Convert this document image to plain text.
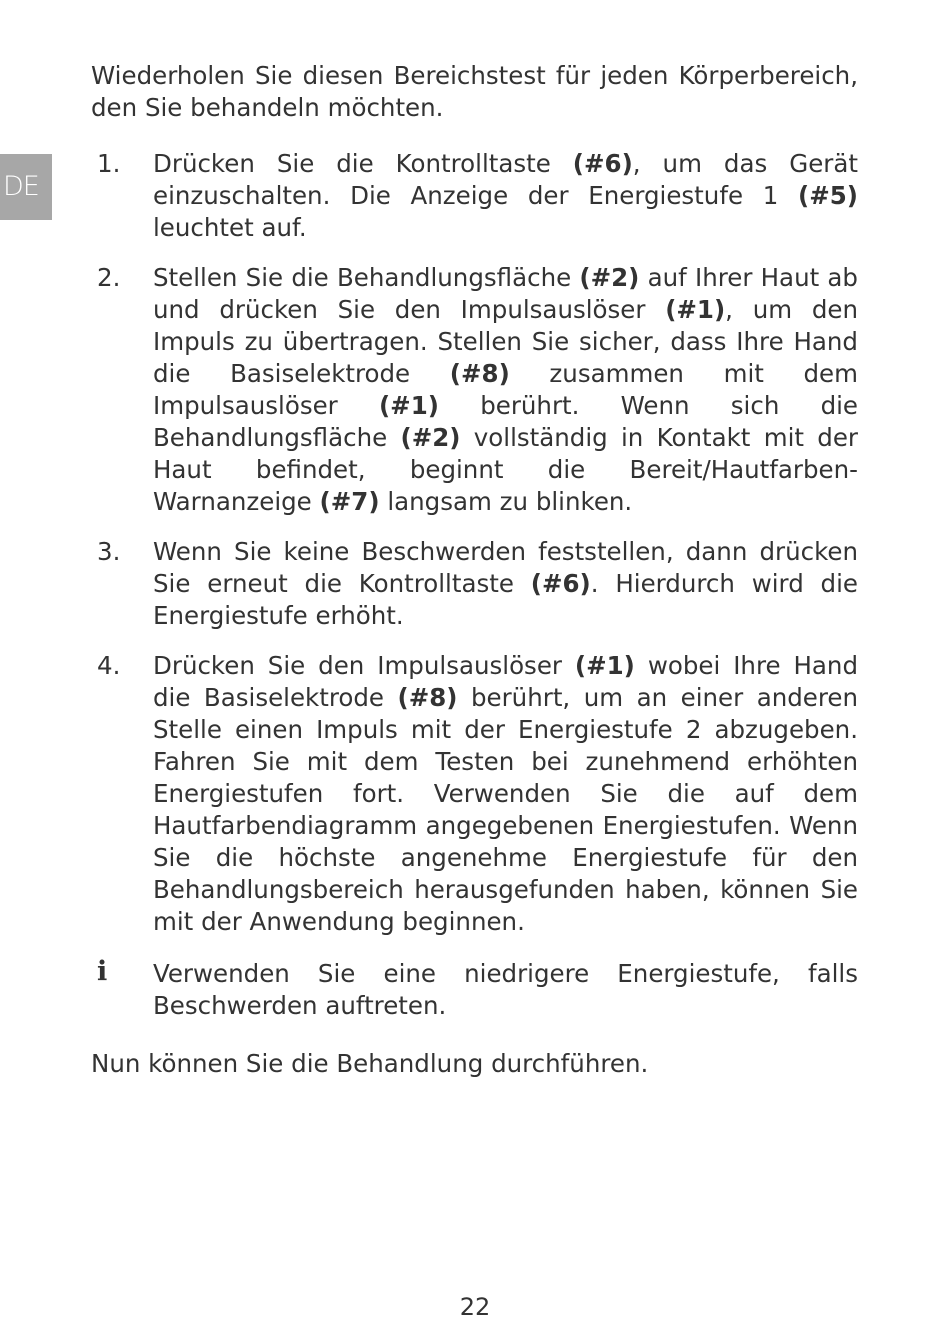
DE

Wiederholen Sie diesen Bereichstest für jeden Körperbereich, den Sie behandeln möchten.

1.	Drücken Sie die Kontrolltaste (#6), um das Gerät einzuschalten. Die Anzeige der Energiestufe 1 (#5) leuchtet auf.

2.	Stellen Sie die Behandlungsfläche (#2) auf Ihrer Haut ab und drücken Sie den Impulsauslöser (#1), um den Impuls zu übertragen. Stellen Sie sicher, dass Ihre Hand die Basiselektrode (#8) zusammen mit dem Impulsauslöser (#1) berührt. Wenn sich die Behandlungsfläche (#2) vollständig in Kontakt mit der Haut befindet, beginnt die Bereit/Hautfarben-Warnanzeige (#7) langsam zu blinken.

3.	Wenn Sie keine Beschwerden feststellen, dann drücken Sie erneut die Kontrolltaste (#6). Hierdurch wird die Energiestufe erhöht.

4.	Drücken Sie den Impulsauslöser (#1) wobei Ihre Hand die Basiselektrode (#8) berührt, um an einer anderen Stelle einen Impuls mit der Energiestufe 2 abzugeben. Fahren Sie mit dem Testen bei zunehmend erhöhten Energiestufen fort. Verwenden Sie die auf dem Hautfarbendiagramm angegebenen Energiestufen. Wenn Sie die höchste angenehme Energiestufe für den Behandlungsbereich herausgefunden haben, können Sie mit der Anwendung beginnen.

i	Verwenden Sie eine niedrigere Energiestufe, falls Beschwerden auftreten.

Nun können Sie die Behandlung durchführen.

22
